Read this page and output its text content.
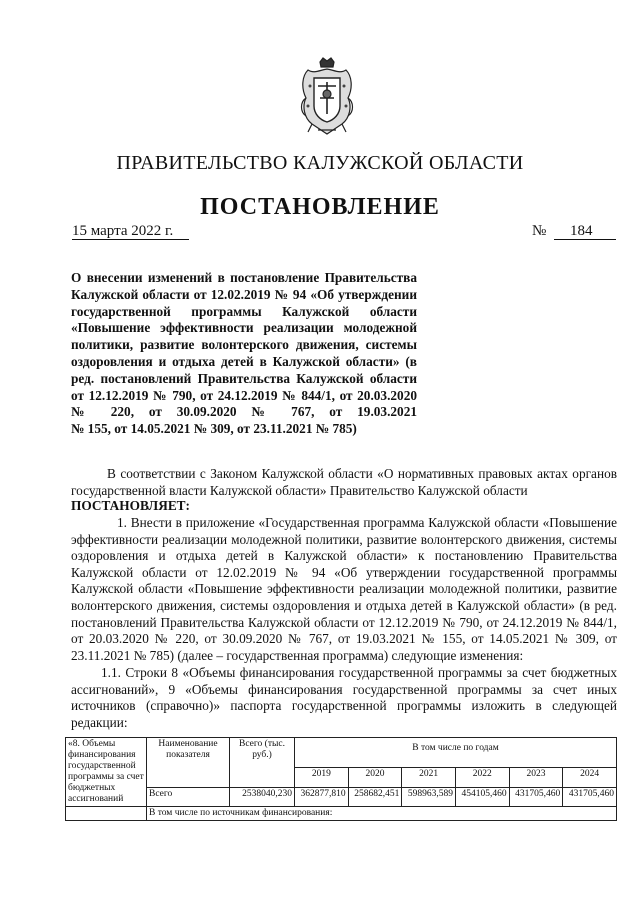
ПРАВИТЕЛЬСТВО КАЛУЖСКОЙ ОБЛАСТИ
ПОСТАНОВЛЕНИЕ
15 марта 2022 г.	№ 184
О внесении изменений в постановление Правительства Калужской области от 12.02.2019 № 94 «Об утверждении государственной программы Калужской области «Повышение эффективности реализации молодежной политики, развитие волонтерского движения, системы оздоровления и отдыха детей в Калужской области» (в ред. постановлений Правительства Калужской области от 12.12.2019 № 790, от 24.12.2019 № 844/1, от 20.03.2020 № 220, от 30.09.2020 № 767, от 19.03.2021
№ 155, от 14.05.2021 № 309, от 23.11.2021 № 785)
В соответствии с Законом Калужской области «О нормативных правовых актах органов государственной власти Калужской области» Правительство Калужской области
ПОСТАНОВЛЯЕТ:
1. Внести в приложение «Государственная программа Калужской области «Повышение эффективности реализации молодежной политики, развитие волонтерского движения, системы оздоровления и отдыха детей в Калужской области» к постановлению Правительства Калужской области от 12.02.2019 № 94 «Об утверждении государственной программы Калужской области «Повышение эффективности реализации молодежной политики, развитие волонтерского движения, системы оздоровления и отдыха детей в Калужской области» (в ред. постановлений Правительства Калужской области от 12.12.2019 № 790, от 24.12.2019 № 844/1, от 20.03.2020 № 220, от 30.09.2020 № 767, от 19.03.2021 № 155, от 14.05.2021 № 309, от 23.11.2021 № 785) (далее – государственная программа) следующие изменения:
1.1. Строки 8 «Объемы финансирования государственной программы за счет бюджетных ассигнований», 9 «Объемы финансирования государственной программы за счет иных источников (справочно)» паспорта государственной программы изложить в следующей редакции:
«8. Объемы финансирования государственной программы за счет бюджетных ассигнований	Наименование показателя	Всего (тыс. руб.)	В том числе по годам					
			2019	2020	2021	2022	2023	2024
	Всего	2538040,230	362877,810	258682,451	598963,589	454105,460	431705,460	431705,460
	В том числе по источникам финансирования:							
